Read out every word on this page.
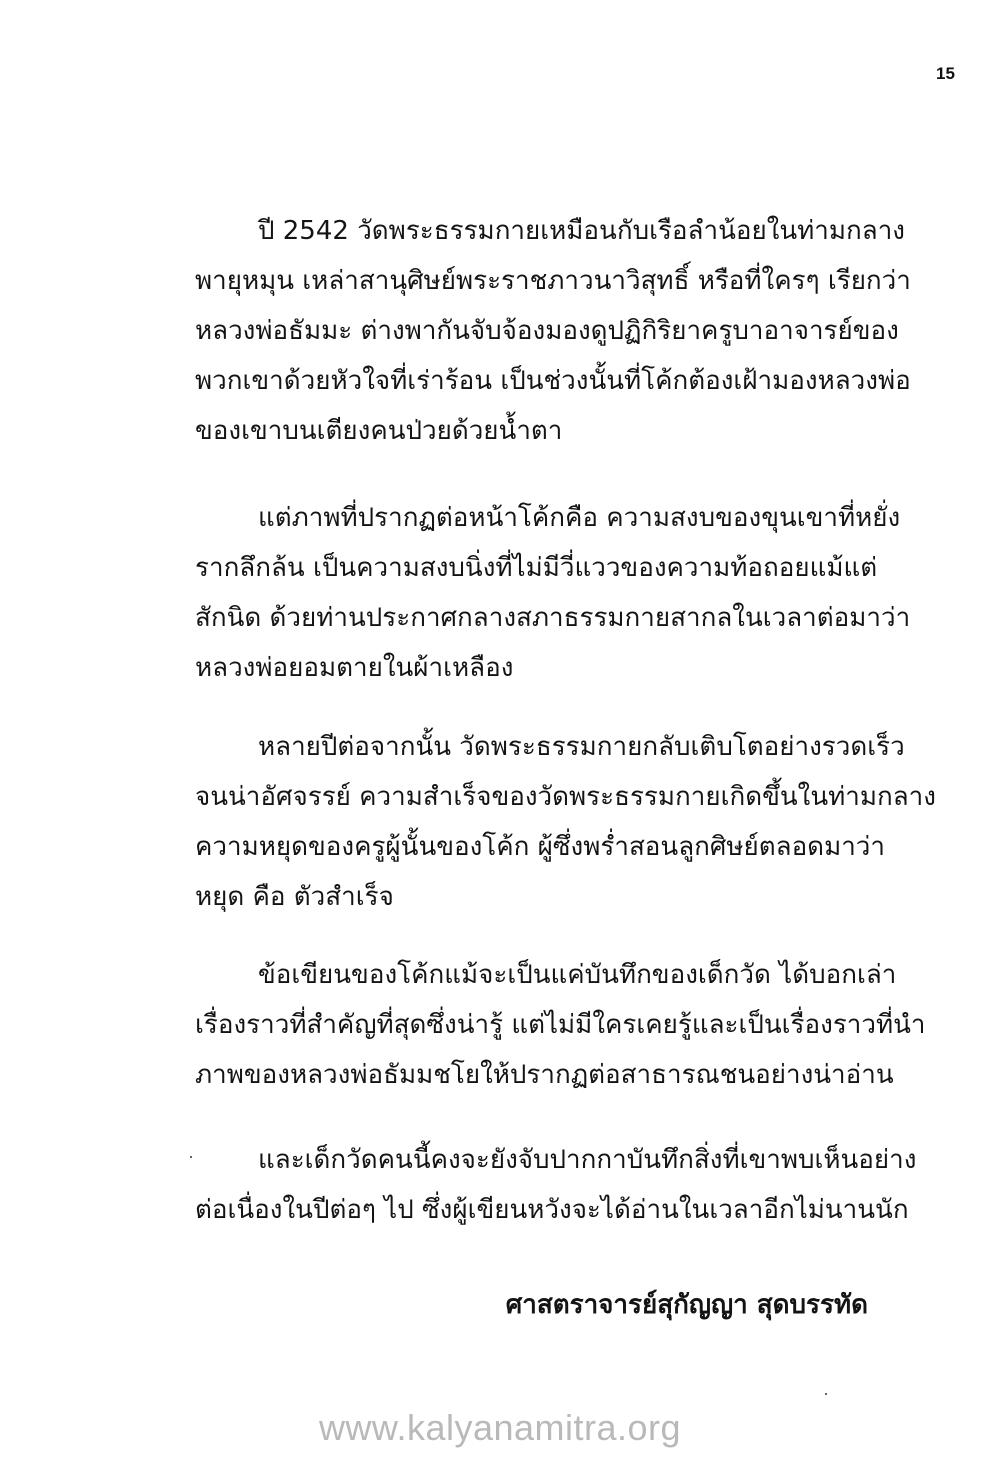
15
ปี 2542 วัดพระธรรมกายเหมือนกับเรือลำน้อยในท่ามกลาง
พายุหมุน เหล่าสานุศิษย์พระราชภาวนาวิสุทธิ์ หรือที่ใครๆ เรียกว่า
หลวงพ่อธัมมะ ต่างพากันจับจ้องมองดูปฏิกิริยาครูบาอาจารย์ของ
พวกเขาด้วยหัวใจที่เร่าร้อน เป็นช่วงนั้นที่โค้กต้องเฝ้ามองหลวงพ่อ
ของเขาบนเตียงคนป่วยด้วยน้ำตา
แต่ภาพที่ปรากฏต่อหน้าโค้กคือ ความสงบของขุนเขาที่หยั่ง
รากลึกล้น เป็นความสงบนิ่งที่ไม่มีวี่แววของความท้อถอยแม้แต่
สักนิด ด้วยท่านประกาศกลางสภาธรรมกายสากลในเวลาต่อมาว่า
หลวงพ่อยอมตายในผ้าเหลือง
หลายปีต่อจากนั้น วัดพระธรรมกายกลับเติบโตอย่างรวดเร็ว
จนน่าอัศจรรย์ ความสำเร็จของวัดพระธรรมกายเกิดขึ้นในท่ามกลาง
ความหยุดของครูผู้นั้นของโค้ก ผู้ซึ่งพร่ำสอนลูกศิษย์ตลอดมาว่า
หยุด คือ ตัวสำเร็จ
ข้อเขียนของโค้กแม้จะเป็นแค่บันทึกของเด็กวัด ได้บอกเล่า
เรื่องราวที่สำคัญที่สุดซึ่งน่ารู้ แต่ไม่มีใครเคยรู้และเป็นเรื่องราวที่นำ
ภาพของหลวงพ่อธัมมชโยให้ปรากฏต่อสาธารณชนอย่างน่าอ่าน
และเด็กวัดคนนี้คงจะยังจับปากกาบันทึกสิ่งที่เขาพบเห็นอย่าง
ต่อเนื่องในปีต่อๆ ไป ซึ่งผู้เขียนหวังจะได้อ่านในเวลาอีกไม่นานนัก
ศาสตราจารย์สุกัญญา สุดบรรทัด
www.kalyanamitra.org
